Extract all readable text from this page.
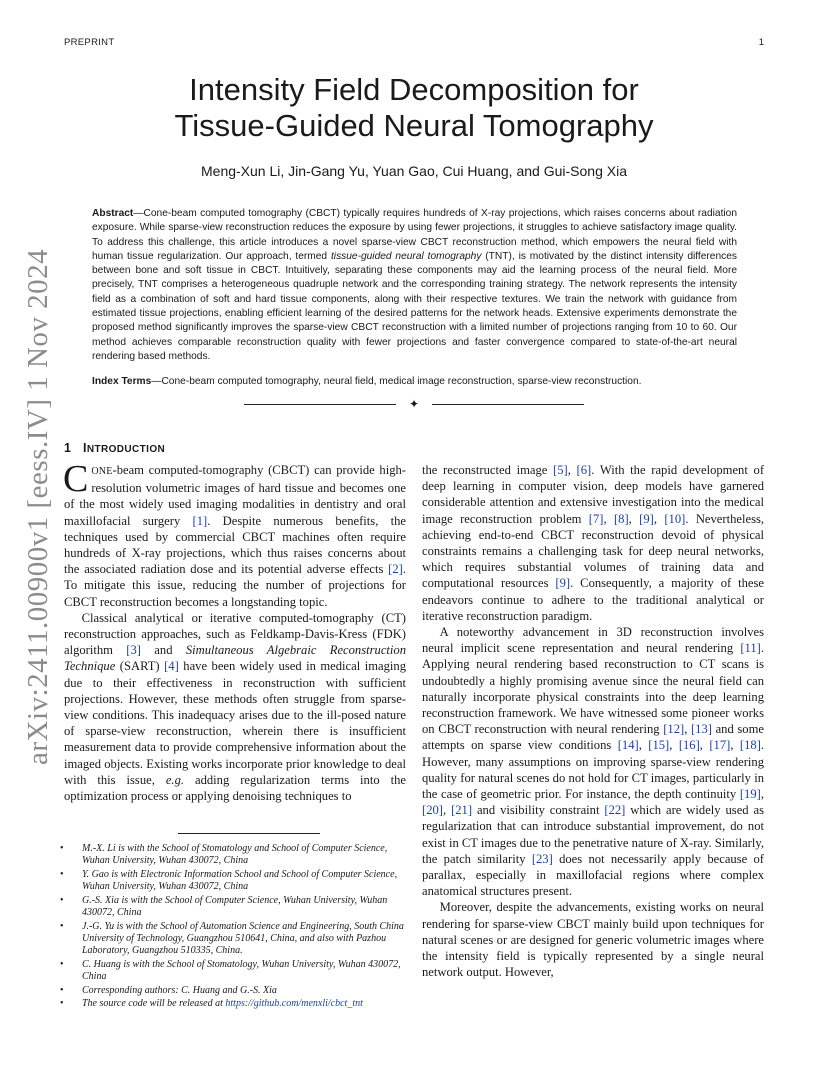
PREPRINT	1
arXiv:2411.00900v1 [eess.IV] 1 Nov 2024
Intensity Field Decomposition for
Tissue-Guided Neural Tomography
Meng-Xun Li, Jin-Gang Yu, Yuan Gao, Cui Huang, and Gui-Song Xia
Abstract—Cone-beam computed tomography (CBCT) typically requires hundreds of X-ray projections, which raises concerns about radiation exposure. While sparse-view reconstruction reduces the exposure by using fewer projections, it struggles to achieve satisfactory image quality. To address this challenge, this article introduces a novel sparse-view CBCT reconstruction method, which empowers the neural field with human tissue regularization. Our approach, termed tissue-guided neural tomography (TNT), is motivated by the distinct intensity differences between bone and soft tissue in CBCT. Intuitively, separating these components may aid the learning process of the neural field. More precisely, TNT comprises a heterogeneous quadruple network and the corresponding training strategy. The network represents the intensity field as a combination of soft and hard tissue components, along with their respective textures. We train the network with guidance from estimated tissue projections, enabling efficient learning of the desired patterns for the network heads. Extensive experiments demonstrate the proposed method significantly improves the sparse-view CBCT reconstruction with a limited number of projections ranging from 10 to 60. Our method achieves comparable reconstruction quality with fewer projections and faster convergence compared to state-of-the-art neural rendering based methods.
Index Terms—Cone-beam computed tomography, neural field, medical image reconstruction, sparse-view reconstruction.
✦
1 INTRODUCTION

CONE-beam computed-tomography (CBCT) can provide high-resolution volumetric images of hard tissue and becomes one of the most widely used imaging modalities in dentistry and oral maxillofacial surgery [1]. Despite numerous benefits, the techniques used by commercial CBCT machines often require hundreds of X-ray projections, which thus raises concerns about the associated radiation dose and its potential adverse effects [2]. To mitigate this issue, reducing the number of projections for CBCT reconstruction becomes a longstanding topic.

Classical analytical or iterative computed-tomography (CT) reconstruction approaches, such as Feldkamp-Davis-Kress (FDK) algorithm [3] and Simultaneous Algebraic Reconstruction Technique (SART) [4] have been widely used in medical imaging due to their effectiveness in reconstruction with sufficient projections. However, these methods often struggle from sparse-view conditions. This inadequacy arises due to the ill-posed nature of sparse-view reconstruction, wherein there is insufficient measurement data to provide comprehensive information about the imaged objects. Existing works incorporate prior knowledge to deal with this issue, e.g. adding regularization terms into the optimization process or applying denoising techniques to

• M.-X. Li is with the School of Stomatology and School of Computer Science, Wuhan University, Wuhan 430072, China
• Y. Gao is with Electronic Information School and School of Computer Science, Wuhan University, Wuhan 430072, China
• G.-S. Xia is with the School of Computer Science, Wuhan University, Wuhan 430072, China
• J.-G. Yu is with the School of Automation Science and Engineering, South China University of Technology, Guangzhou 510641, China, and also with Pazhou Laboratory, Guangzhou 510335, China.
• C. Huang is with the School of Stomatology, Wuhan University, Wuhan 430072, China
• Corresponding authors: C. Huang and G.-S. Xia
• The source code will be released at https://github.com/menxli/cbct_tnt

the reconstructed image [5], [6]. With the rapid development of deep learning in computer vision, deep models have garnered considerable attention and extensive investigation into the medical image reconstruction problem [7], [8], [9], [10]. Nevertheless, achieving end-to-end CBCT reconstruction devoid of physical constraints remains a challenging task for deep neural networks, which requires substantial volumes of training data and computational resources [9]. Consequently, a majority of these endeavors continue to adhere to the traditional analytical or iterative reconstruction paradigm.

A noteworthy advancement in 3D reconstruction involves neural implicit scene representation and neural rendering [11]. Applying neural rendering based reconstruction to CT scans is undoubtedly a highly promising avenue since the neural field can naturally incorporate physical constraints into the deep learning reconstruction framework. We have witnessed some pioneer works on CBCT reconstruction with neural rendering [12], [13] and some attempts on sparse view conditions [14], [15], [16], [17], [18]. However, many assumptions on improving sparse-view rendering quality for natural scenes do not hold for CT images, particularly in the case of geometric prior. For instance, the depth continuity [19], [20], [21] and visibility constraint [22] which are widely used as regularization that can introduce substantial improvement, do not exist in CT images due to the penetrative nature of X-ray. Similarly, the patch similarity [23] does not necessarily apply because of parallax, especially in maxillofacial regions where complex anatomical structures present.

Moreover, despite the advancements, existing works on neural rendering for sparse-view CBCT mainly build upon techniques for natural scenes or are designed for generic volumetric images where the intensity field is typically represented by a single neural network output. However,
